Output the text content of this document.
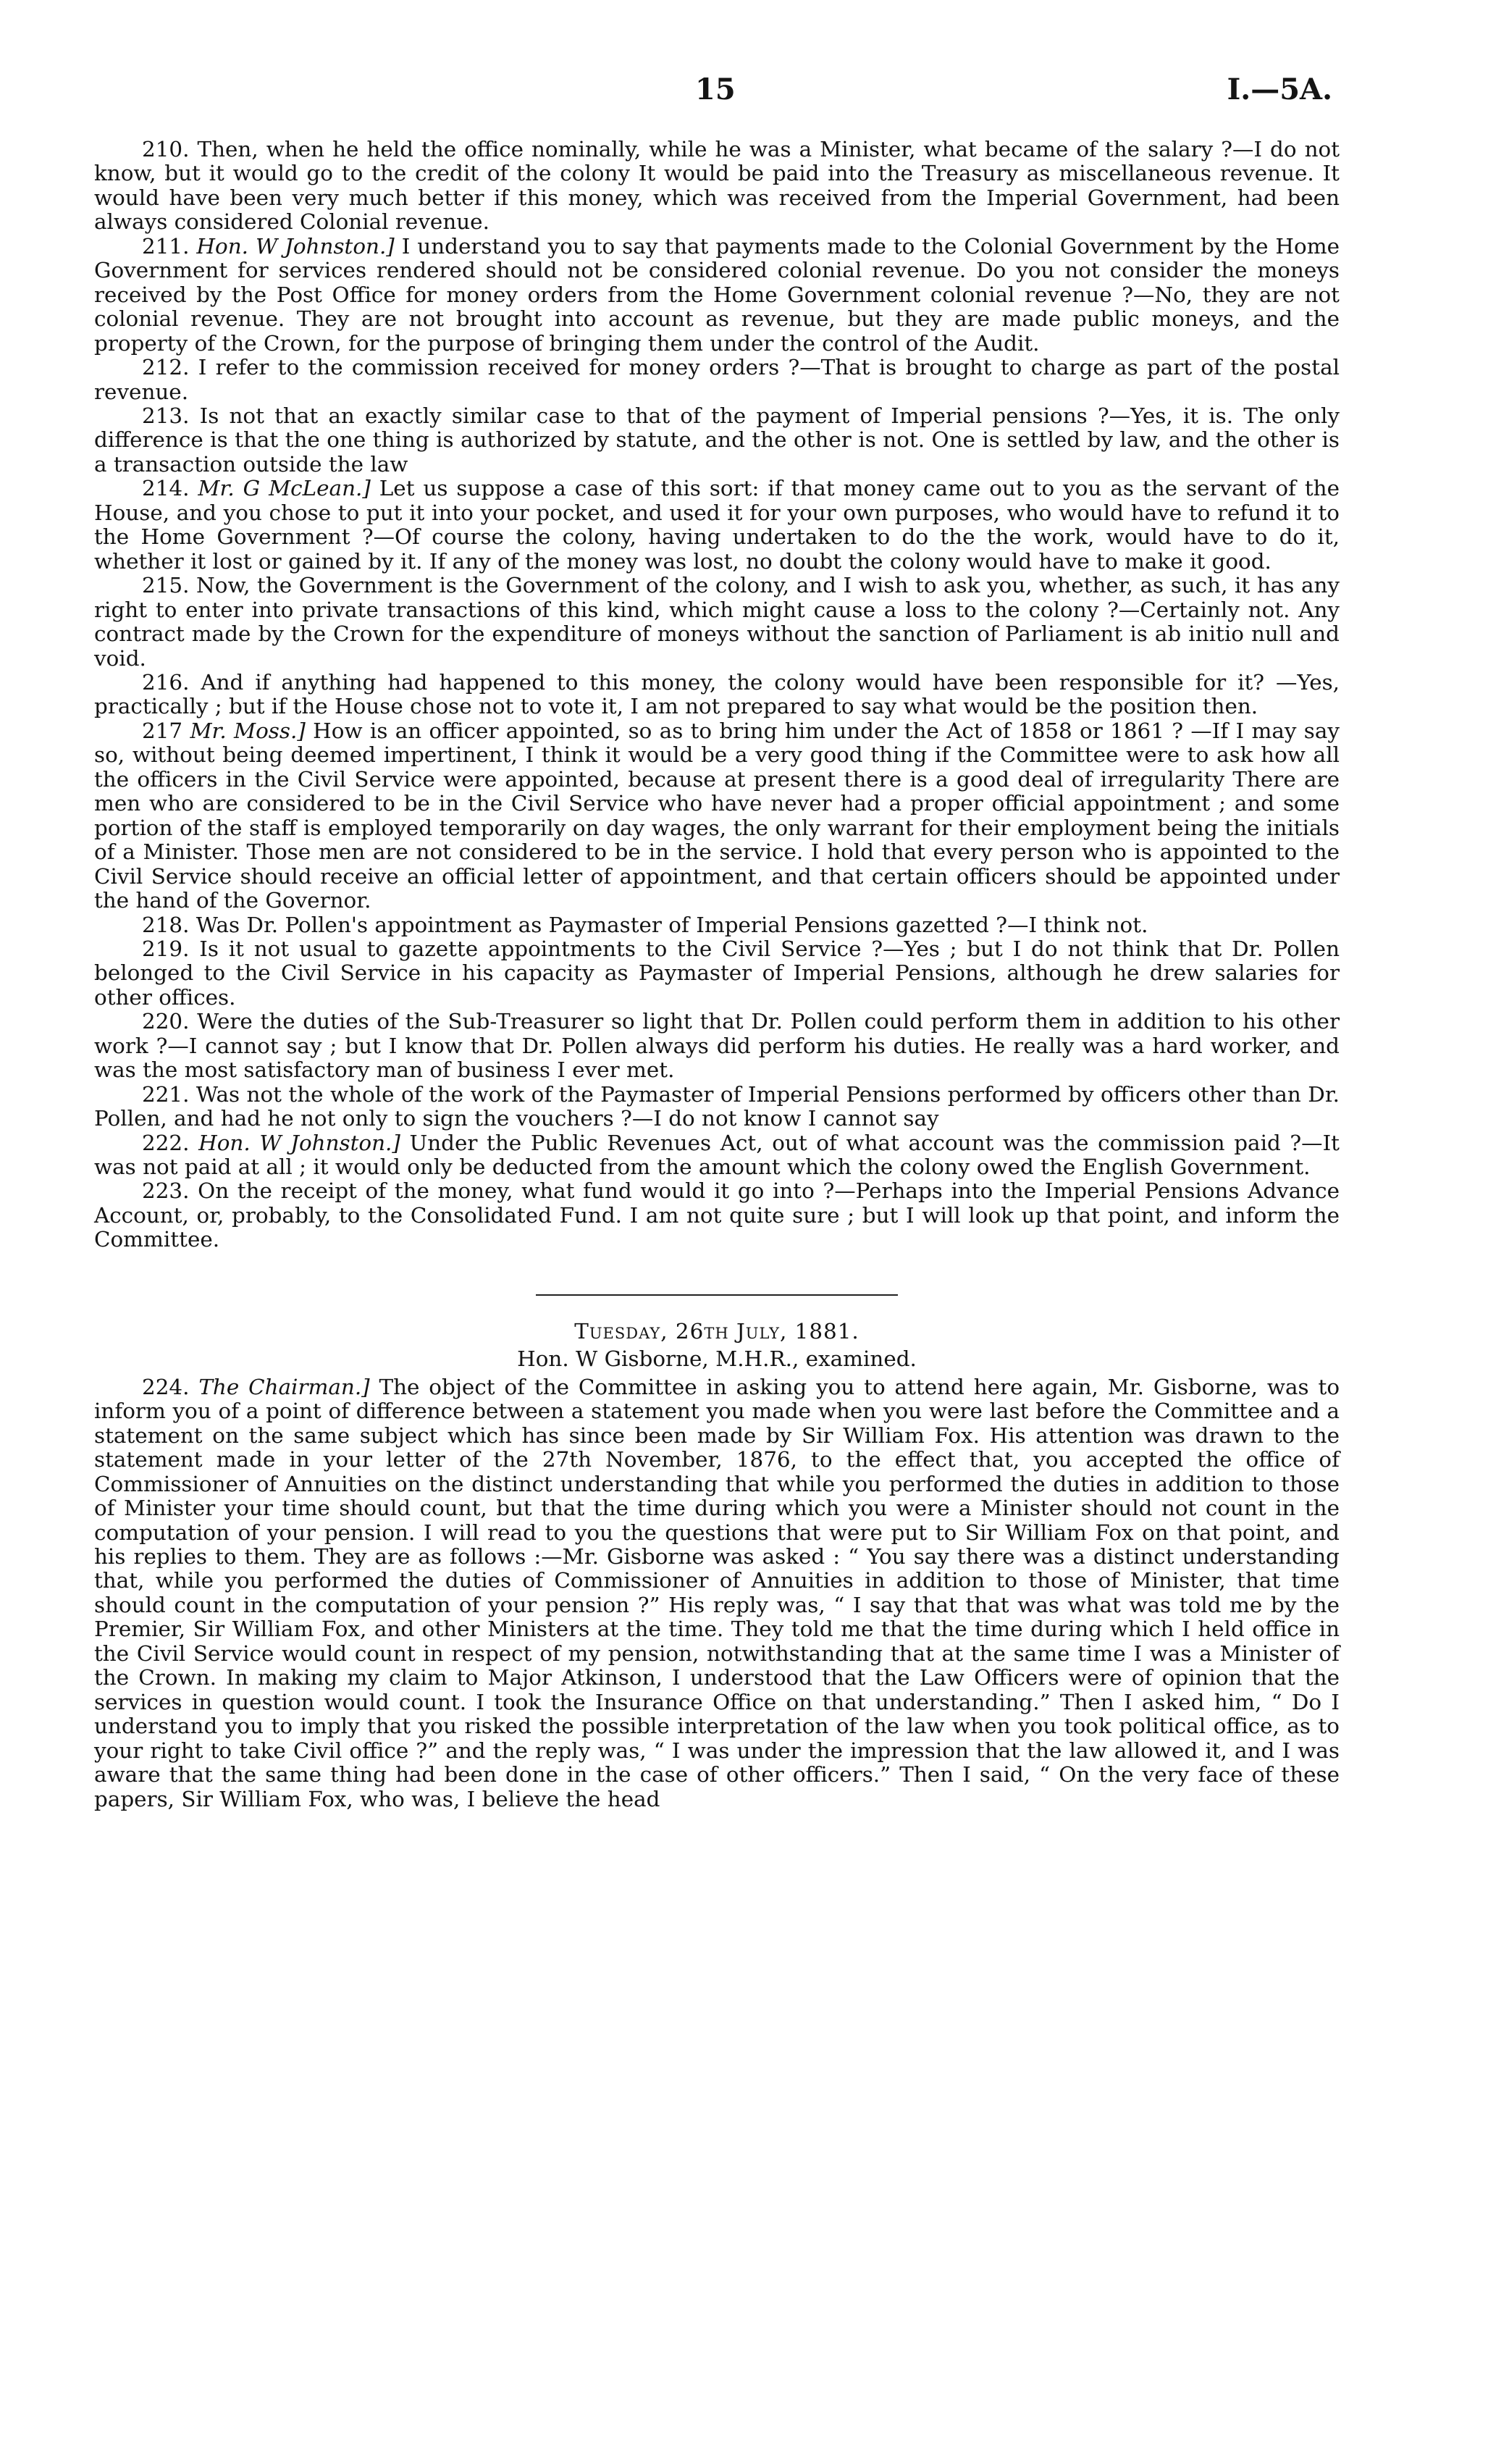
15	I.—5A.

210. Then, when he held the office nominally, while he was a Minister, what became of the salary ?—I do not know, but it would go to the credit of the colony It would be paid into the Treasury as miscellaneous revenue. It would have been very much better if this money, which was received from the Imperial Government, had been always considered Colonial revenue.

211. Hon. W Johnston.] I understand you to say that payments made to the Colonial Government by the Home Government for services rendered should not be considered colonial revenue. Do you not consider the moneys received by the Post Office for money orders from the Home Government colonial revenue ?—No, they are not colonial revenue. They are not brought into account as revenue, but they are made public moneys, and the property of the Crown, for the purpose of bringing them under the control of the Audit.

212. I refer to the commission received for money orders ?—That is brought to charge as part of the postal revenue.

213. Is not that an exactly similar case to that of the payment of Imperial pensions ?—Yes, it is. The only difference is that the one thing is authorized by statute, and the other is not. One is settled by law, and the other is a transaction outside the law

214. Mr. G McLean.] Let us suppose a case of this sort: if that money came out to you as the servant of the House, and you chose to put it into your pocket, and used it for your own purposes, who would have to refund it to the Home Government ?—Of course the colony, having undertaken to do the the work, would have to do it, whether it lost or gained by it. If any of the money was lost, no doubt the colony would have to make it good.

215. Now, the Government is the Government of the colony, and I wish to ask you, whether, as such, it has any right to enter into private transactions of this kind, which might cause a loss to the colony ?—Certainly not. Any contract made by the Crown for the expenditure of moneys without the sanction of Parliament is ab initio null and void.

216. And if anything had happened to this money, the colony would have been responsible for it? —Yes, practically ; but if the House chose not to vote it, I am not prepared to say what would be the position then.

217 Mr. Moss.] How is an officer appointed, so as to bring him under the Act of 1858 or 1861 ? —If I may say so, without being deemed impertinent, I think it would be a very good thing if the Committee were to ask how all the officers in the Civil Service were appointed, because at present there is a good deal of irregularity There are men who are considered to be in the Civil Service who have never had a proper official appointment ; and some portion of the staff is employed temporarily on day wages, the only warrant for their employment being the initials of a Minister. Those men are not considered to be in the service. I hold that every person who is appointed to the Civil Service should receive an official letter of appointment, and that certain officers should be appointed under the hand of the Governor.

218. Was Dr. Pollen's appointment as Paymaster of Imperial Pensions gazetted ?—I think not.

219. Is it not usual to gazette appointments to the Civil Service ?—Yes ; but I do not think that Dr. Pollen belonged to the Civil Service in his capacity as Paymaster of Imperial Pensions, although he drew salaries for other offices.

220. Were the duties of the Sub-Treasurer so light that Dr. Pollen could perform them in addition to his other work ?—I cannot say ; but I know that Dr. Pollen always did perform his duties. He really was a hard worker, and was the most satisfactory man of business I ever met.

221. Was not the whole of the work of the Paymaster of Imperial Pensions performed by officers other than Dr. Pollen, and had he not only to sign the vouchers ?—I do not know I cannot say

222. Hon. W Johnston.] Under the Public Revenues Act, out of what account was the commission paid ?—It was not paid at all ; it would only be deducted from the amount which the colony owed the English Government.

223. On the receipt of the money, what fund would it go into ?—Perhaps into the Imperial Pensions Advance Account, or, probably, to the Consolidated Fund. I am not quite sure ; but I will look up that point, and inform the Committee.

Tuesday, 26th July, 1881.

Hon. W Gisborne, M.H.R., examined.

224. The Chairman.] The object of the Committee in asking you to attend here again, Mr. Gisborne, was to inform you of a point of difference between a statement you made when you were last before the Committee and a statement on the same subject which has since been made by Sir William Fox. His attention was drawn to the statement made in your letter of the 27th November, 1876, to the effect that, you accepted the office of Commissioner of Annuities on the distinct understanding that while you performed the duties in addition to those of Minister your time should count, but that the time during which you were a Minister should not count in the computation of your pension. I will read to you the questions that were put to Sir William Fox on that point, and his replies to them. They are as follows :—Mr. Gisborne was asked : “ You say there was a distinct understanding that, while you performed the duties of Commissioner of Annuities in addition to those of Minister, that time should count in the computation of your pension ?” His reply was, “ I say that that was what was told me by the Premier, Sir William Fox, and other Ministers at the time. They told me that the time during which I held office in the Civil Service would count in respect of my pension, notwithstanding that at the same time I was a Minister of the Crown. In making my claim to Major Atkinson, I understood that the Law Officers were of opinion that the services in question would count. I took the Insurance Office on that understanding.” Then I asked him, “ Do I understand you to imply that you risked the possible interpretation of the law when you took political office, as to your right to take Civil office ?” and the reply was, “ I was under the impression that the law allowed it, and I was aware that the same thing had been done in the case of other officers.” Then I said, “ On the very face of these papers, Sir William Fox, who was, I believe the head
